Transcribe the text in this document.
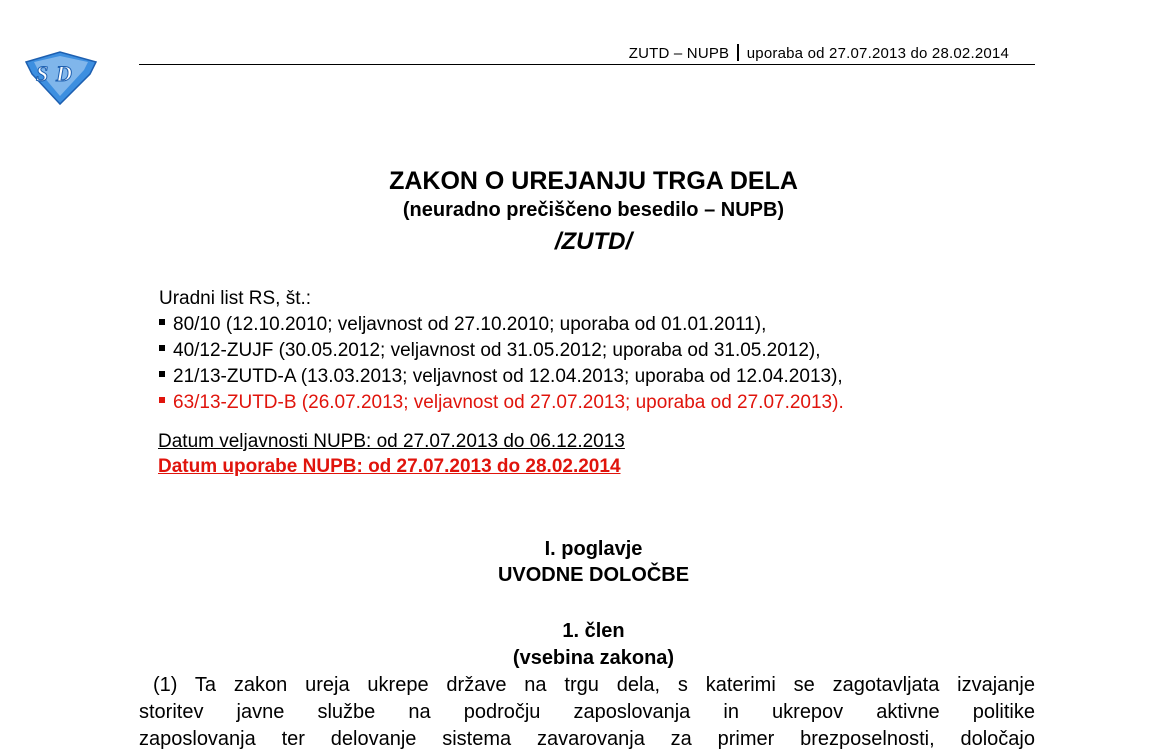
S D
ZUTD – NUPB uporaba od 27.07.2013 do 28.02.2014
ZAKON O UREJANJU TRGA DELA
(neuradno prečiščeno besedilo – NUPB)
/ZUTD/
Uradni list RS, št.:
80/10 (12.10.2010; veljavnost od 27.10.2010; uporaba od 01.01.2011),
40/12-ZUJF (30.05.2012; veljavnost od 31.05.2012; uporaba od 31.05.2012),
21/13-ZUTD-A (13.03.2013; veljavnost od 12.04.2013; uporaba od 12.04.2013),
63/13-ZUTD-B (26.07.2013; veljavnost od 27.07.2013; uporaba od 27.07.2013).
Datum veljavnosti NUPB: od 27.07.2013 do 06.12.2013
Datum uporabe NUPB: od 27.07.2013 do 28.02.2014
I. poglavje
UVODNE DOLOČBE
1. člen
(vsebina zakona)
(1) Ta zakon ureja ukrepe države na trgu dela, s katerimi se zagotavljata izvajanje
storitev javne službe na področju zaposlovanja in ukrepov aktivne politike
zaposlovanja ter delovanje sistema zavarovanja za primer brezposelnosti, določajo
